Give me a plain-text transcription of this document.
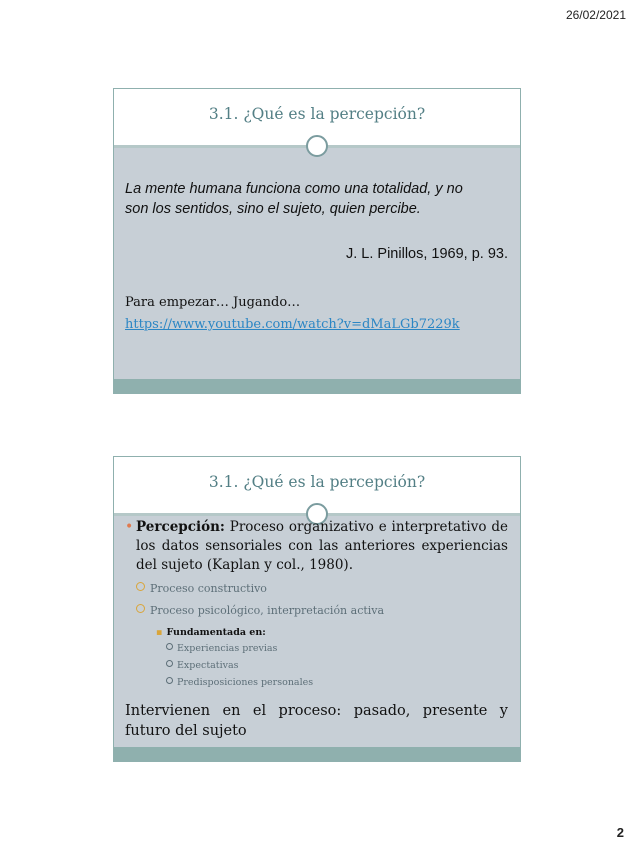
26/02/2021
3.1. ¿Qué es la percepción?
La mente humana funciona como una totalidad, y no
son los sentidos, sino el sujeto, quien percibe.
J. L. Pinillos, 1969, p. 93.
Para empezar… Jugando…
https://www.youtube.com/watch?v=dMaLGb7229k
3.1. ¿Qué es la percepción?
• Percepción: Proceso organizativo e interpretativo de los datos sensoriales con las anteriores experiencias del sujeto (Kaplan y col., 1980).
Proceso constructivo
Proceso psicológico, interpretación activa
▪ Fundamentada en:
Experiencias previas
Expectativas
Predisposiciones personales
Intervienen en el proceso: pasado, presente y futuro del sujeto
2
